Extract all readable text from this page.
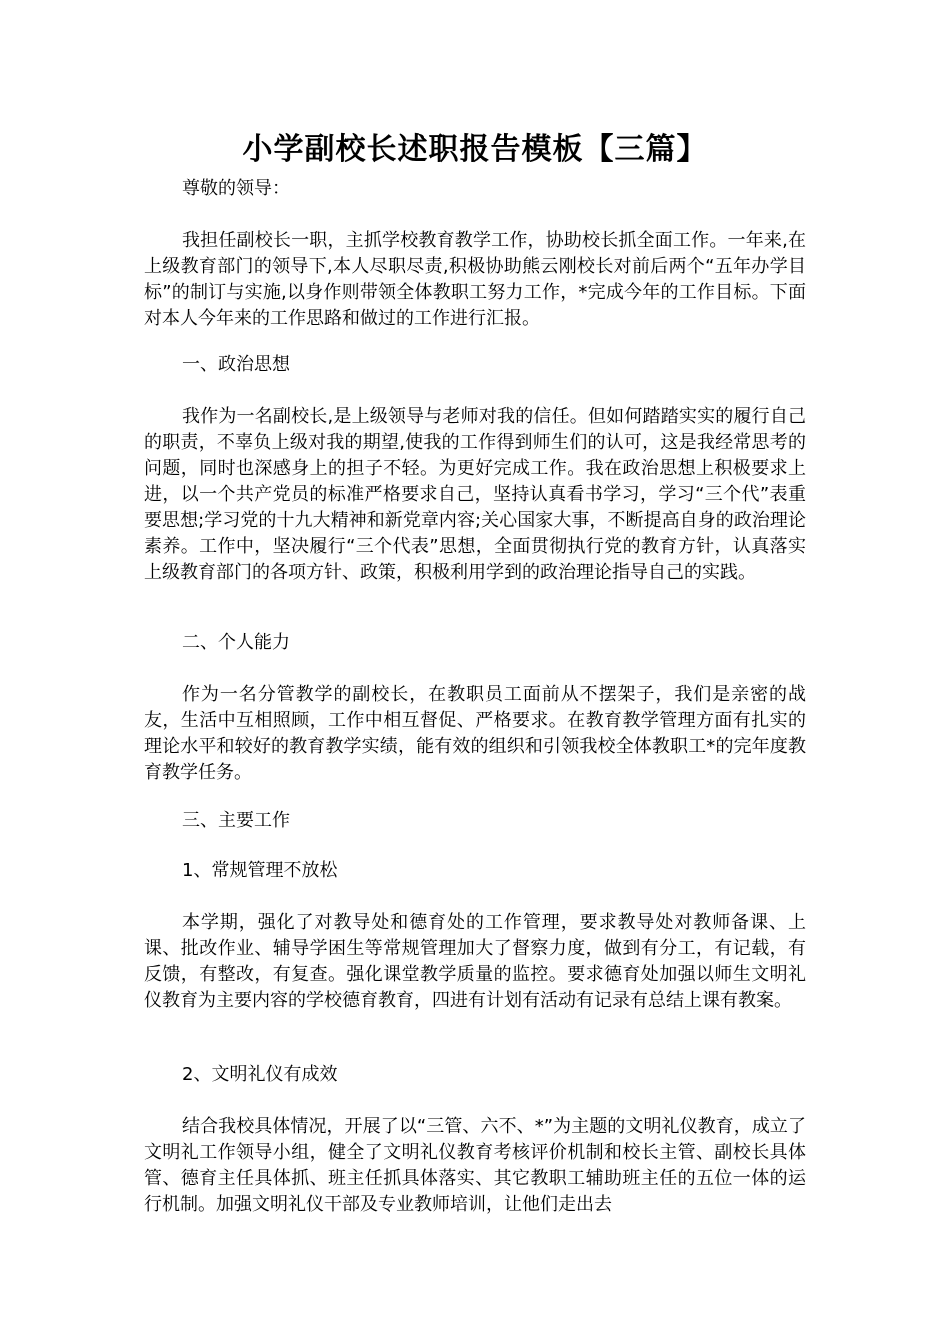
小学副校长述职报告模板【三篇】
尊敬的领导：
我担任副校长一职，主抓学校教育教学工作，协助校长抓全面工作。一年来,在上级教育部门的领导下,本人尽职尽责,积极协助熊云刚校长对前后两个“五年办学目标”的制订与实施,以身作则带领全体教职工努力工作，*完成今年的工作目标。下面对本人今年来的工作思路和做过的工作进行汇报。
一、政治思想
我作为一名副校长,是上级领导与老师对我的信任。但如何踏踏实实的履行自己的职责，不辜负上级对我的期望,使我的工作得到师生们的认可，这是我经常思考的问题，同时也深感身上的担子不轻。为更好完成工作。我在政治思想上积极要求上进，以一个共产党员的标准严格要求自己，坚持认真看书学习，学习“三个代”表重要思想;学习党的十九大精神和新党章内容;关心国家大事，不断提高自身的政治理论素养。工作中，坚决履行“三个代表”思想，全面贯彻执行党的教育方针，认真落实上级教育部门的各项方针、政策，积极利用学到的政治理论指导自己的实践。
二、个人能力
作为一名分管教学的副校长，在教职员工面前从不摆架子，我们是亲密的战友，生活中互相照顾，工作中相互督促、严格要求。在教育教学管理方面有扎实的理论水平和较好的教育教学实绩，能有效的组织和引领我校全体教职工*的完年度教育教学任务。
三、主要工作
1、常规管理不放松
本学期，强化了对教导处和德育处的工作管理，要求教导处对教师备课、上课、批改作业、辅导学困生等常规管理加大了督察力度，做到有分工，有记载，有反馈，有整改，有复查。强化课堂教学质量的监控。要求德育处加强以师生文明礼仪教育为主要内容的学校德育教育，四进有计划有活动有记录有总结上课有教案。
2、文明礼仪有成效
结合我校具体情况，开展了以“三管、六不、*”为主题的文明礼仪教育，成立了文明礼工作领导小组，健全了文明礼仪教育考核评价机制和校长主管、副校长具体管、德育主任具体抓、班主任抓具体落实、其它教职工辅助班主任的五位一体的运行机制。加强文明礼仪干部及专业教师培训，让他们走出去
